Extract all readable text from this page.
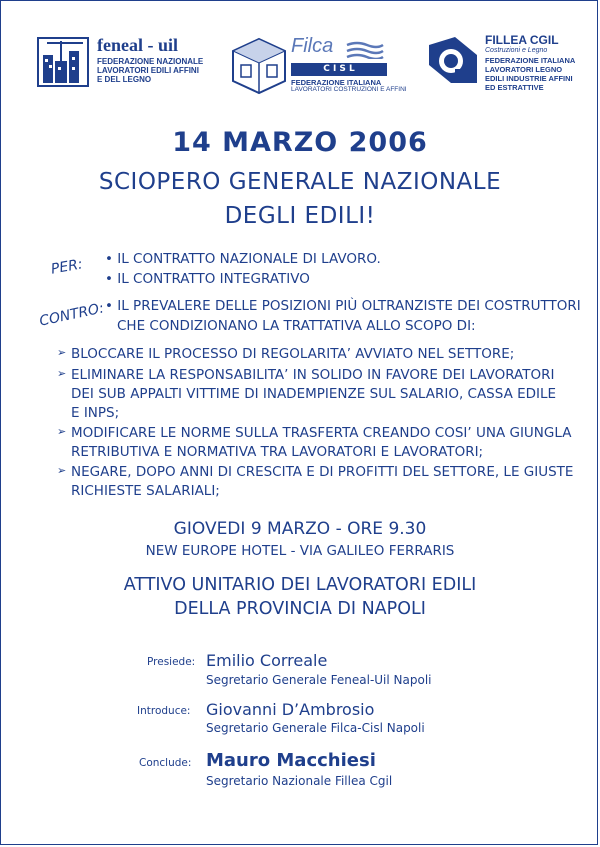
feneal - uil
FEDERAZIONE NAZIONALE
LAVORATORI EDILI AFFINI
E DEL LEGNO
Filca
C I S L
FEDERAZIONE ITALIANA
LAVORATORI COSTRUZIONI E AFFINI
FILLEA CGIL
Costruzioni e Legno
FEDERAZIONE ITALIANA
LAVORATORI LEGNO
EDILI INDUSTRIE AFFINI
ED ESTRATTIVE
14 MARZO 2006
SCIOPERO GENERALE NAZIONALE
DEGLI EDILI!
PER: • IL CONTRATTO NAZIONALE DI LAVORO.
• IL CONTRATTO INTEGRATIVO
CONTRO: • IL PREVALERE DELLE POSIZIONI PIÙ OLTRANZISTE DEI COSTRUTTORI
CHE CONDIZIONANO LA TRATTATIVA ALLO SCOPO DI:
➢ BLOCCARE IL PROCESSO DI REGOLARITA’ AVVIATO NEL SETTORE;
➢ ELIMINARE LA RESPONSABILITA’ IN SOLIDO IN FAVORE DEI LAVORATORI
DEI SUB APPALTI VITTIME DI INADEMPIENZE SUL SALARIO, CASSA EDILE
E INPS;
➢ MODIFICARE LE NORME SULLA TRASFERTA CREANDO COSI’ UNA GIUNGLA
RETRIBUTIVA E NORMATIVA TRA LAVORATORI E LAVORATORI;
➢ NEGARE, DOPO ANNI DI CRESCITA E DI PROFITTI DEL SETTORE, LE GIUSTE
RICHIESTE SALARIALI;
GIOVEDI 9 MARZO - ORE 9.30
NEW EUROPE HOTEL - VIA GALILEO FERRARIS
ATTIVO UNITARIO DEI LAVORATORI EDILI
DELLA PROVINCIA DI NAPOLI
Presiede: Emilio Correale
Segretario Generale Feneal-Uil Napoli
Introduce: Giovanni D’Ambrosio
Segretario Generale Filca-Cisl Napoli
Conclude: Mauro Macchiesi
Segretario Nazionale Fillea Cgil
